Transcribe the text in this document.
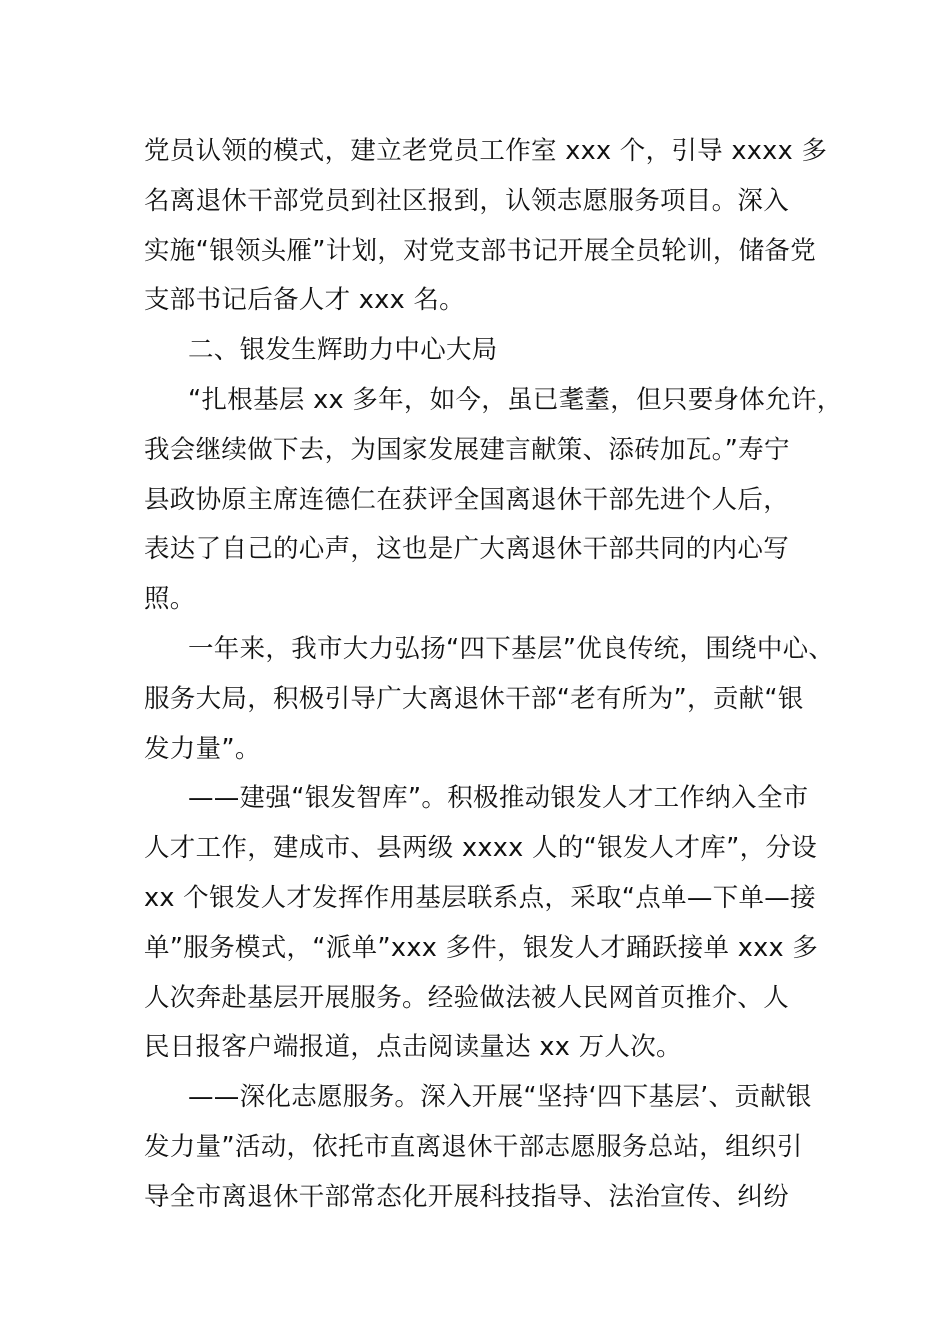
党员认领的模式，建立老党员工作室 xxx 个，引导 xxxx 多
名离退休干部党员到社区报到，认领志愿服务项目。深入
实施“银领头雁”计划，对党支部书记开展全员轮训，储备党
支部书记后备人才 xxx 名。
二、银发生辉助力中心大局
“扎根基层 xx 多年，如今，虽已耄耋，但只要身体允许，
我会继续做下去，为国家发展建言献策、添砖加瓦。”寿宁
县政协原主席连德仁在获评全国离退休干部先进个人后，
表达了自己的心声，这也是广大离退休干部共同的内心写
照。
一年来，我市大力弘扬“四下基层”优良传统，围绕中心、
服务大局，积极引导广大离退休干部“老有所为”，贡献“银
发力量”。
——建强“银发智库”。积极推动银发人才工作纳入全市
人才工作，建成市、县两级 xxxx 人的“银发人才库”，分设
xx 个银发人才发挥作用基层联系点，采取“点单—下单—接
单”服务模式，“派单”xxx 多件，银发人才踊跃接单 xxx 多
人次奔赴基层开展服务。经验做法被人民网首页推介、人
民日报客户端报道，点击阅读量达 xx 万人次。
——深化志愿服务。深入开展“坚持‘四下基层’、贡献银
发力量”活动，依托市直离退休干部志愿服务总站，组织引
导全市离退休干部常态化开展科技指导、法治宣传、纠纷
